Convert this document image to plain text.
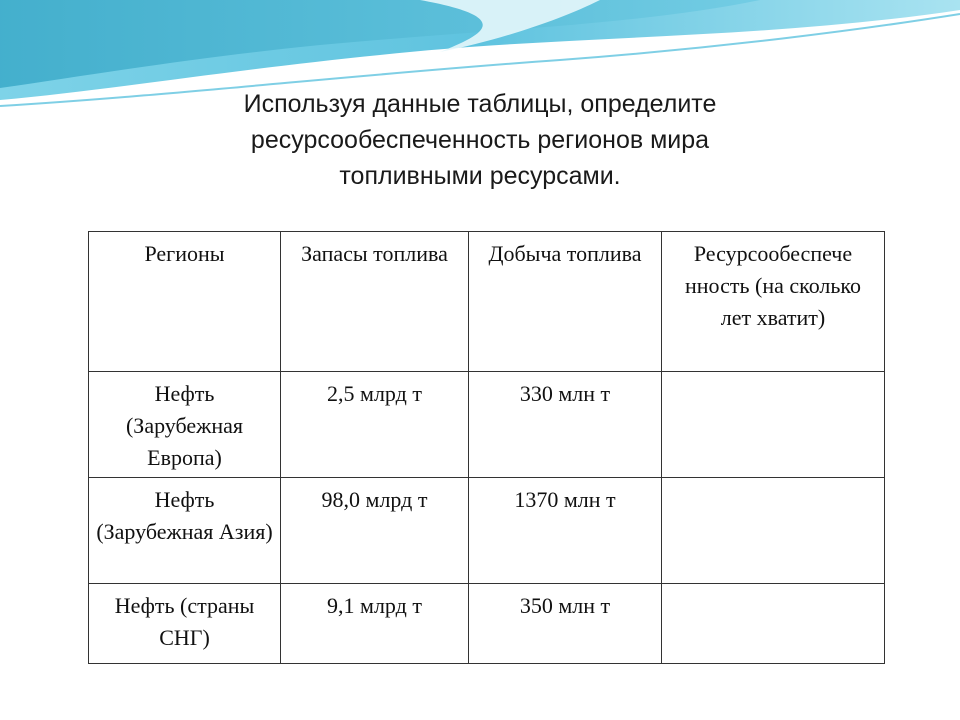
Используя данные таблицы, определите
ресурсообеспеченность регионов мира
топливными ресурсами.
Регионы	Запасы топлива	Добыча топлива	Ресурсообеспече нность (на сколько лет хватит)
Нефть (Зарубежная Европа)	2,5 млрд т	330 млн т	
Нефть (Зарубежная Азия)	98,0 млрд т	1370 млн т	
Нефть (страны СНГ)	9,1 млрд т	350 млн т	
